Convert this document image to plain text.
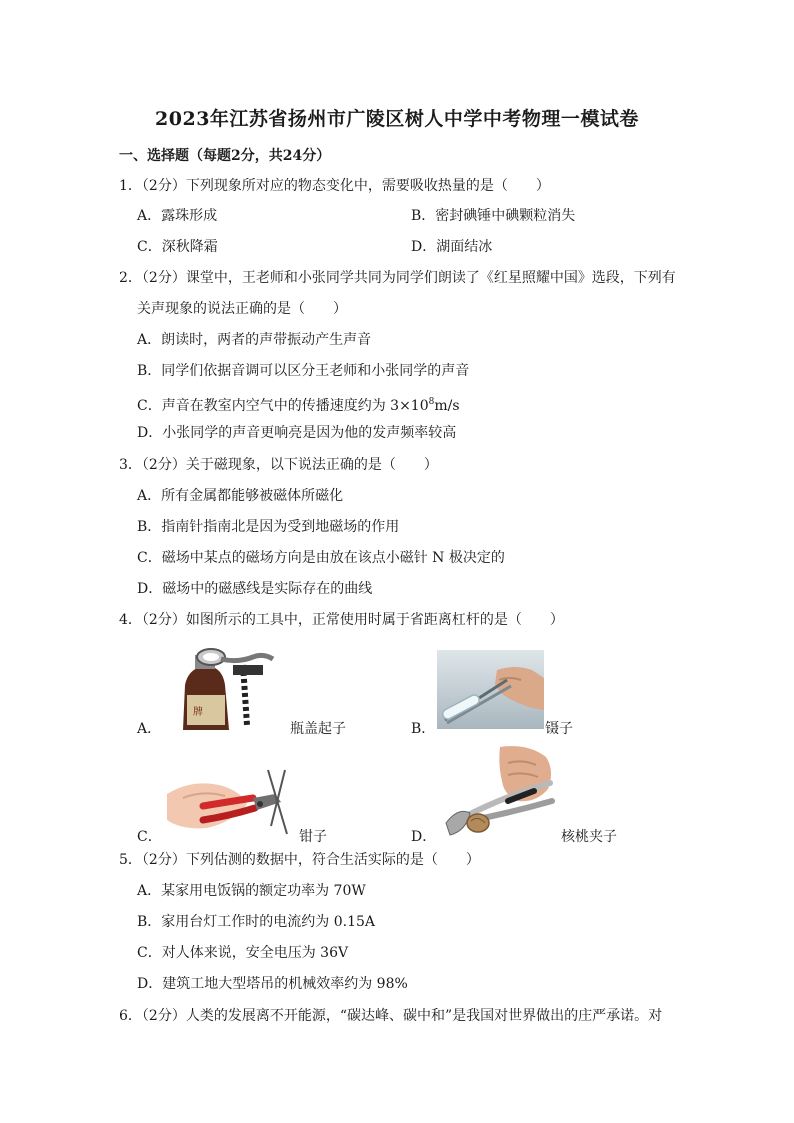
2023年江苏省扬州市广陵区树人中学中考物理一模试卷
一、选择题（每题2分，共24分）
1．（2分）下列现象所对应的物态变化中，需要吸收热量的是（　　）
A．露珠形成	B．密封碘锤中碘颗粒消失
C．深秋降霜	D．湖面结冰
2．（2分）课堂中，王老师和小张同学共同为同学们朗读了《红星照耀中国》选段，下列有
关声现象的说法正确的是（　　）
A．朗读时，两者的声带振动产生声音
B．同学们依据音调可以区分王老师和小张同学的声音
C．声音在教室内空气中的传播速度约为 $3\times 10^8m/s$
D．小张同学的声音更响亮是因为他的发声频率较高
3．（2分）关于磁现象，以下说法正确的是（　　）
A．所有金属都能够被磁体所磁化
B．指南针指南北是因为受到地磁场的作用
C．磁场中某点的磁场方向是由放在该点小磁针 N 极决定的
D．磁场中的磁感线是实际存在的曲线
4．（2分）如图所示的工具中，正常使用时属于省距离杠杆的是（　　）
牌
A．	瓶盖起子	B．	镊子
C．	钳子	D．	核桃夹子
5．（2分）下列估测的数据中，符合生活实际的是（　　）
A．某家用电饭锅的额定功率为 70W
B．家用台灯工作时的电流约为 0.15A
C．对人体来说，安全电压为 36V
D．建筑工地大型塔吊的机械效率约为 98%
6．（2分）人类的发展离不开能源，“碳达峰、碳中和”是我国对世界做出的庄严承诺。对
